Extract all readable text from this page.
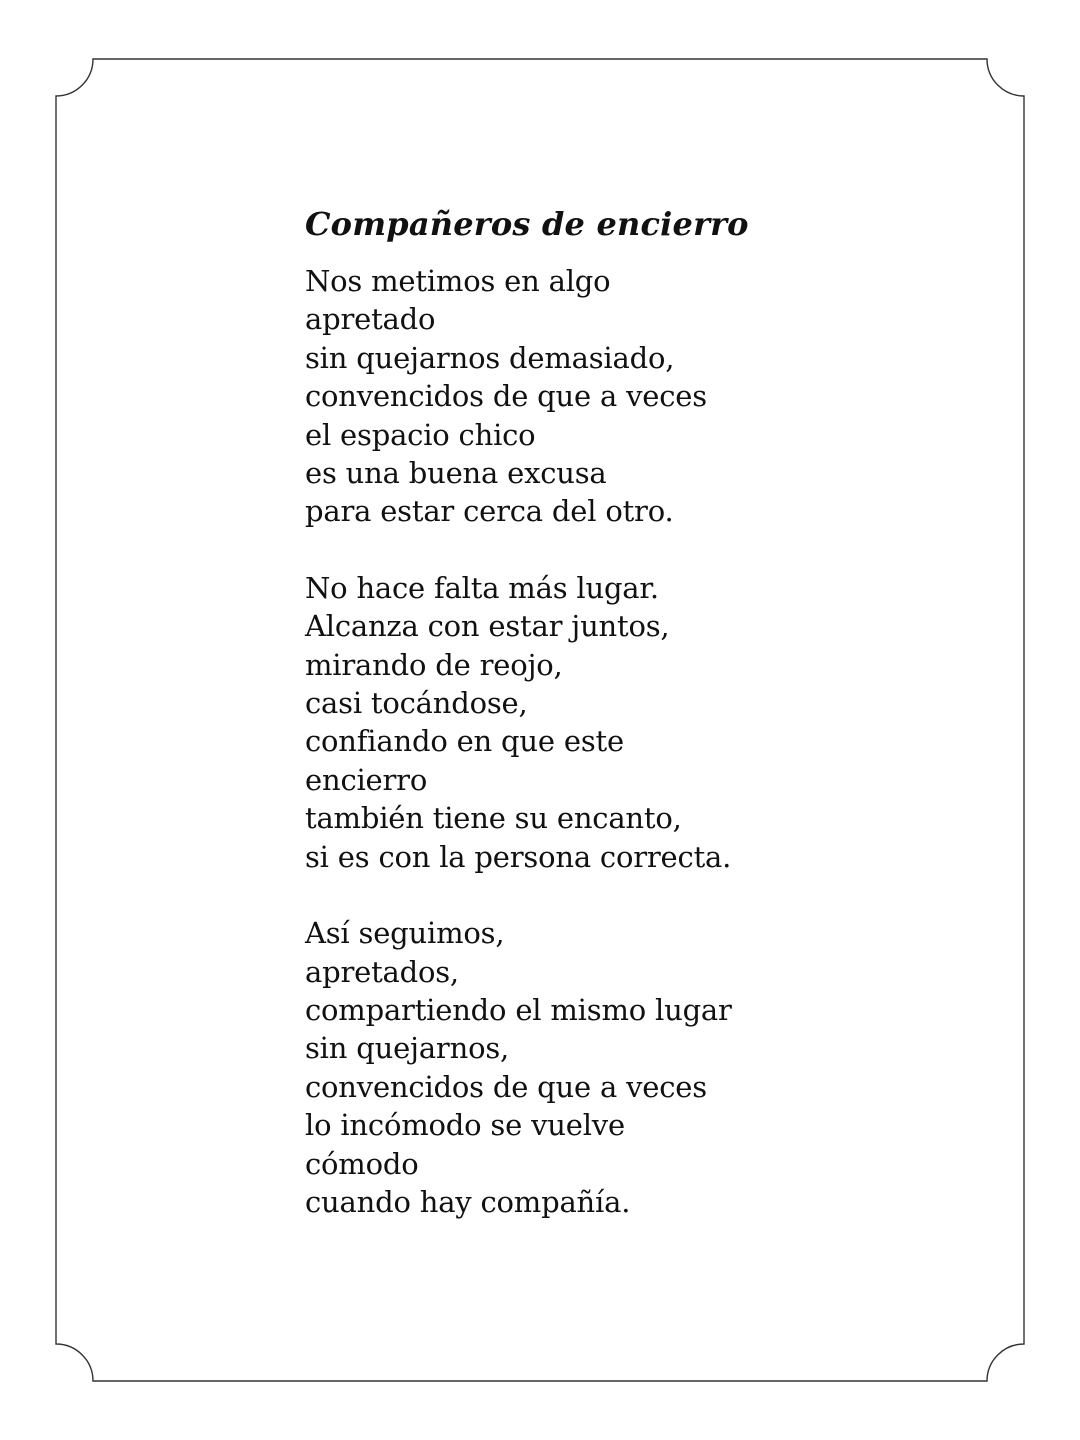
Compañeros de encierro
Nos metimos en algo
apretado
sin quejarnos demasiado,
convencidos de que a veces
el espacio chico
es una buena excusa
para estar cerca del otro.
No hace falta más lugar.
Alcanza con estar juntos,
mirando de reojo,
casi tocándose,
confiando en que este
encierro
también tiene su encanto,
si es con la persona correcta.
Así seguimos,
apretados,
compartiendo el mismo lugar
sin quejarnos,
convencidos de que a veces
lo incómodo se vuelve
cómodo
cuando hay compañía.
